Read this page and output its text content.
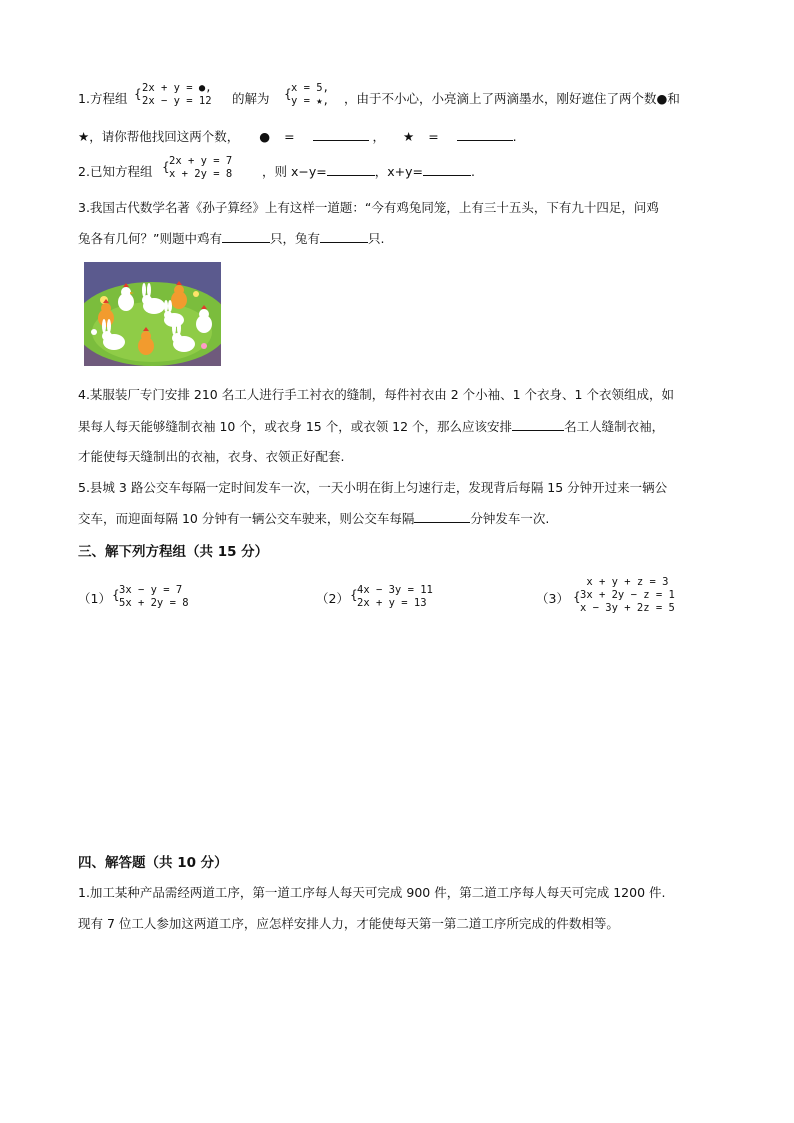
1.方程组 { 2x + y = ●,
2x − y = 12 的解为 { x = 5,
y = ★, ，由于不小心，小亮滴上了两滴墨水，刚好遮住了两个数●和
★，请你帮他找回这两个数， ● =	， ★ =	.
2.已知方程组 { 2x + y = 7
x + 2y = 8 ，则 x−y=	，x+y=	.
3.我国古代数学名著《孙子算经》上有这样一道题：“今有鸡兔同笼，上有三十五头，下有九十四足，问鸡
兔各有几何？”则题中鸡有	只，兔有	只.
4.某服装厂专门安排 210 名工人进行手工衬衣的缝制，每件衬衣由 2 个小袖、1 个衣身、1 个衣领组成，如
果每人每天能够缝制衣袖 10 个，或衣身 15 个，或衣领 12 个，那么应该安排	名工人缝制衣袖，
才能使每天缝制出的衣袖，衣身、衣领正好配套.
5.县城 3 路公交车每隔一定时间发车一次，一天小明在街上匀速行走，发现背后每隔 15 分钟开过来一辆公
交车，而迎面每隔 10 分钟有一辆公交车驶来，则公交车每隔	分钟发车一次.
三、解下列方程组（共 15 分）
（1） { 3x − y = 7
5x + 2y = 8	（2） { 4x − 3y = 11
2x + y = 13	（3） {
x + y + z = 3
3x + 2y − z = 1
x − 3y + 2z = 5
四、解答题（共 10 分）
1.加工某种产品需经两道工序，第一道工序每人每天可完成 900 件，第二道工序每人每天可完成 1200 件.
现有 7 位工人参加这两道工序，应怎样安排人力，才能使每天第一第二道工序所完成的件数相等。
